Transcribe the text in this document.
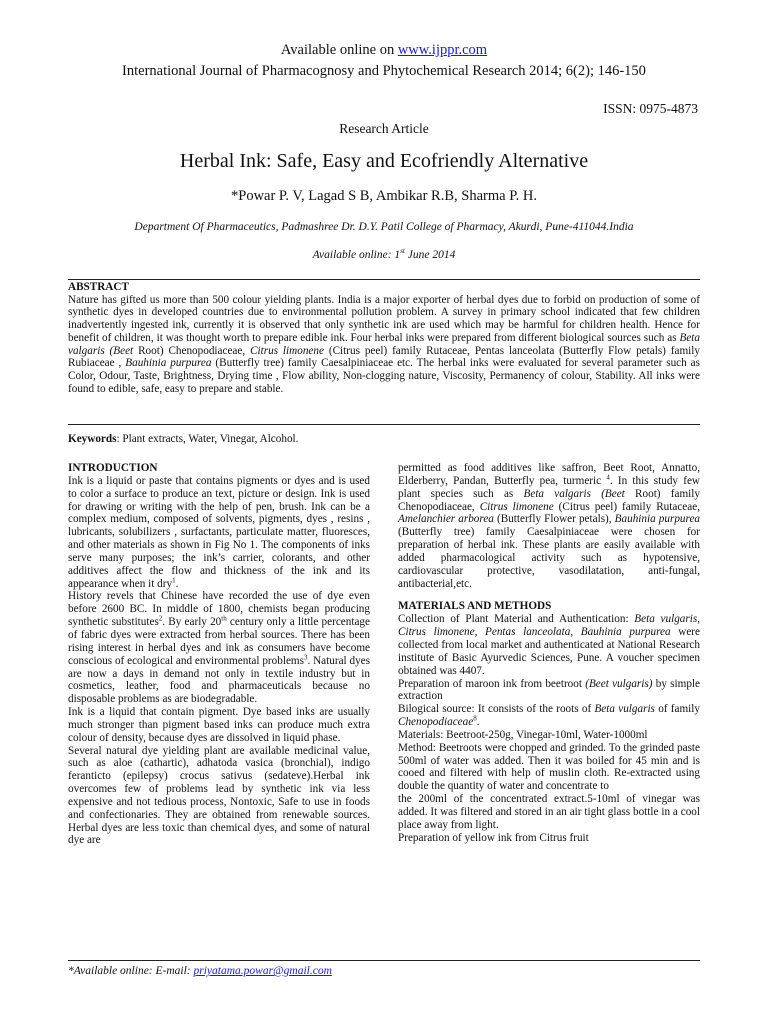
Available online on www.ijppr.com
International Journal of Pharmacognosy and Phytochemical Research 2014; 6(2); 146-150
ISSN: 0975-4873
Research Article
Herbal Ink: Safe, Easy and Ecofriendly Alternative
*Powar P. V, Lagad S B, Ambikar R.B, Sharma P. H.
Department Of Pharmaceutics, Padmashree Dr. D.Y. Patil College of Pharmacy, Akurdi, Pune-411044.India
Available online: 1st June 2014
ABSTRACT
Nature has gifted us more than 500 colour yielding plants. India is a major exporter of herbal dyes due to forbid on production of some of synthetic dyes in developed countries due to environmental pollution problem. A survey in primary school indicated that few children inadvertently ingested ink, currently it is observed that only synthetic ink are used which may be harmful for children health. Hence for benefit of children, it was thought worth to prepare edible ink. Four herbal inks were prepared from different biological sources such as Beta valgaris (Beet Root) Chenopodiaceae, Citrus limonene (Citrus peel) family Rutaceae, Pentas lanceolata (Butterfly Flow petals) family Rubiaceae , Bauhinia purpurea (Butterfly tree) family Caesalpiniaceae etc. The herbal inks were evaluated for several parameter such as Color, Odour, Taste, Brightness, Drying time , Flow ability, Non-clogging nature, Viscosity, Permanency of colour, Stability. All inks were found to edible, safe, easy to prepare and stable.
Keywords: Plant extracts, Water, Vinegar, Alcohol.

INTRODUCTION

Ink is a liquid or paste that contains pigments or dyes and is used to color a surface to produce an text, picture or design. Ink is used for drawing or writing with the help of pen, brush. Ink can be a complex medium, composed of solvents, pigments, dyes , resins , lubricants, solubilizers , surfactants, particulate matter, fluoresces, and other materials as shown in Fig No 1. The components of inks serve many purposes; the ink’s carrier, colorants, and other additives affect the flow and thickness of the ink and its appearance when it dry$^1$.

History revels that Chinese have recorded the use of dye even before 2600 BC. In middle of 1800, chemists began producing synthetic substitutes$^2$. By early 20th century only a little percentage of fabric dyes were extracted from herbal sources. There has been rising interest in herbal dyes and ink as consumers have become conscious of ecological and environmental problems$^3$. Natural dyes are now a days in demand not only in textile industry but in cosmetics, leather, food and pharmaceuticals because no disposable problems as are biodegradable.

Ink is a liquid that contain pigment. Dye based inks are usually much stronger than pigment based inks can produce much extra colour of density, because dyes are dissolved in liquid phase.

Several natural dye yielding plant are available medicinal value, such as aloe (cathartic), adhatoda vasica (bronchial), indigo feranticto (epilepsy) crocus sativus (sedateve).Herbal ink overcomes few of problems lead by synthetic ink via less expensive and not tedious process, Nontoxic, Safe to use in foods and confectionaries. They are obtained from renewable sources. Herbal dyes are less toxic than chemical dyes, and some of natural dye are

permitted as food additives like saffron, Beet Root, Annatto, Elderberry, Pandan, Butterfly pea, turmeric $^4$. In this study few plant species such as Beta valgaris (Beet Root) family Chenopodiaceae, Citrus limonene (Citrus peel) family Rutaceae, Amelanchier arborea (Butterfly Flower petals), Bauhinia purpurea (Butterfly tree) family Caesalpiniaceae were chosen for preparation of herbal ink. These plants are easily available with added pharmacological activity such as hypotensive, cardiovascular protective, vasodilatation, anti-fungal, antibacterial,etc.

MATERIALS AND METHODS

Collection of Plant Material and Authentication: Beta vulgaris, Citrus limonene, Pentas lanceolata, Bauhinia purpurea were collected from local market and authenticated at National Research institute of Basic Ayurvedic Sciences, Pune. A voucher specimen obtained was 4407.

Preparation of maroon ink from beetroot (Beet vulgaris) by simple extraction

Bilogical source: It consists of the roots of Beta vulgaris of family Chenopodiaceae$^8$.

Materials: Beetroot-250g, Vinegar-10ml, Water-1000ml

Method: Beetroots were chopped and grinded. To the grinded paste 500ml of water was added. Then it was boiled for 45 min and is cooed and filtered with help of muslin cloth. Re-extracted using double the quantity of water and concentrate to

the 200ml of the concentrated extract.5-10ml of vinegar was added. It was filtered and stored in an air tight glass bottle in a cool place away from light.

Preparation of yellow ink from Citrus fruit

*Available online: E-mail: priyatama.powar@gmail.com
